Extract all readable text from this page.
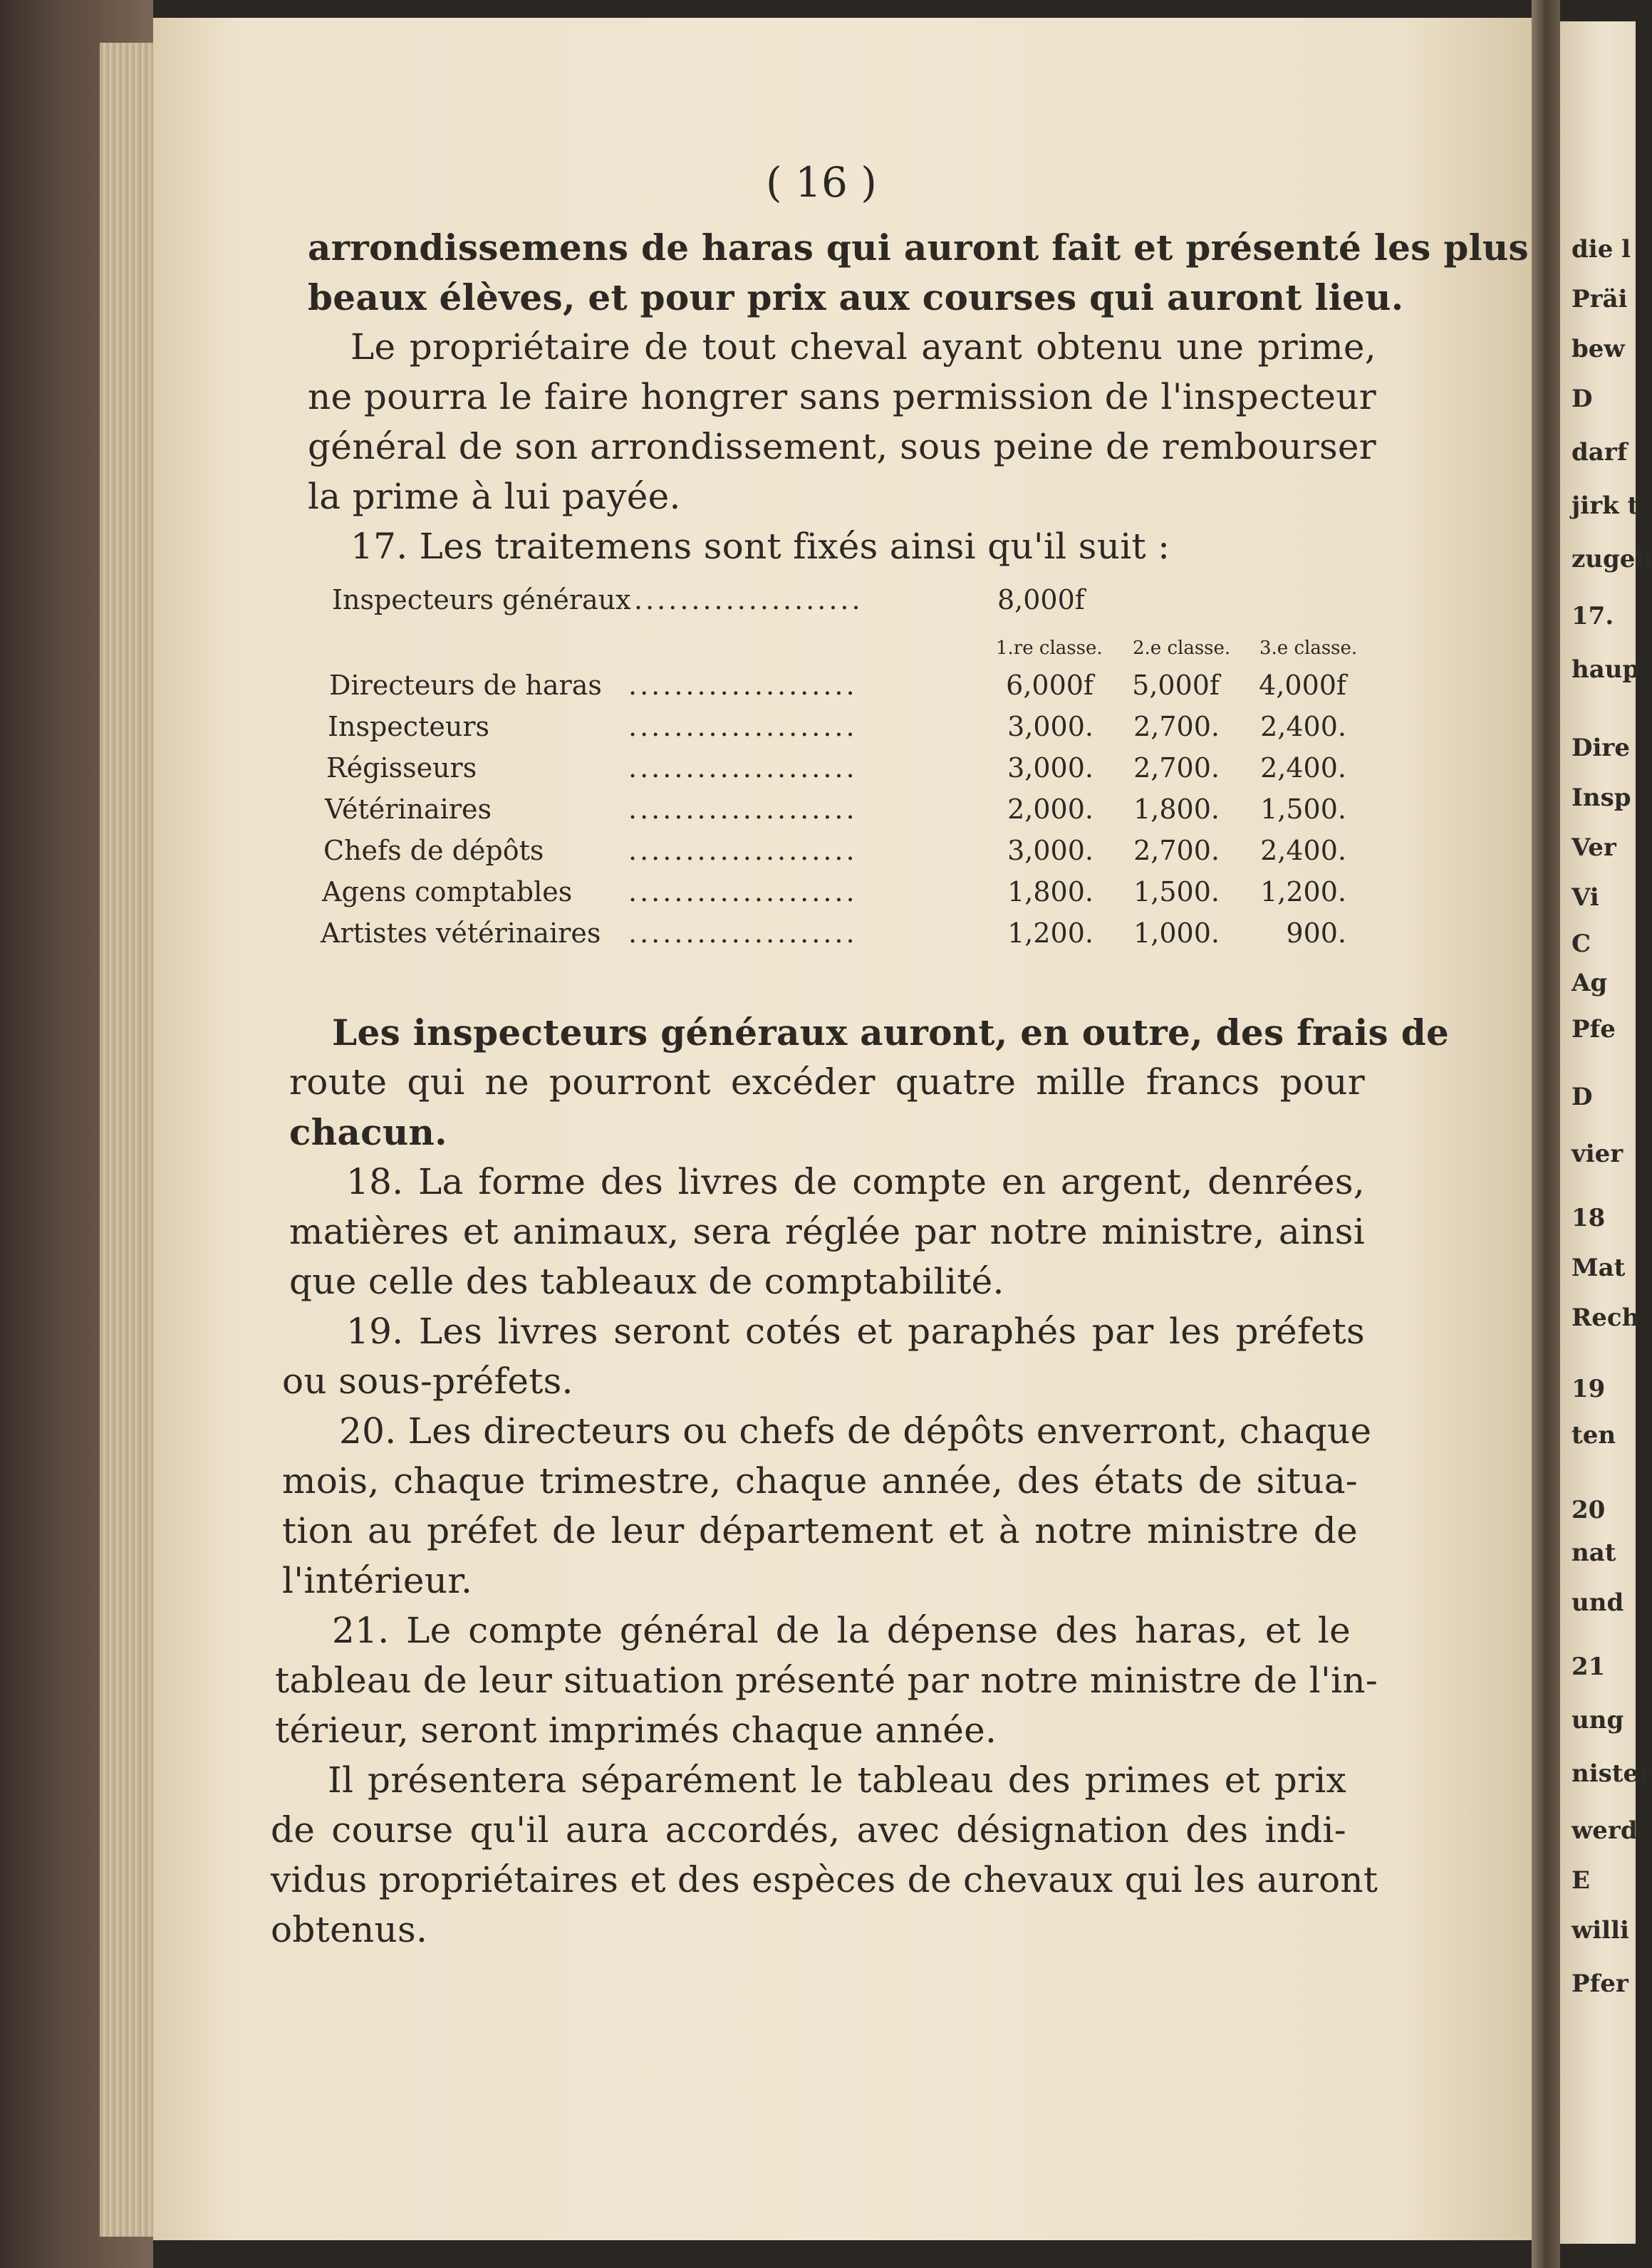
die l
Präi
bew
D
darf
jirk t
zugeb
17.
haup
Dire
Insp
Ver
Vi
C
Ag
Pfe
D
vier
18
Mat
Rech
19
ten
20
nat
und
21
ung
nister
werd
E
willi
Pfer
( 16 )
arrondissemens de haras qui auront fait et présenté les plus
beaux élèves, et pour prix aux courses qui auront lieu.
Le propriétaire de tout cheval ayant obtenu une prime,
ne pourra le faire hongrer sans permission de l'inspecteur
général de son arrondissement, sous peine de rembourser
la prime à lui payée.
17. Les traitemens sont fixés ainsi qu'il suit :
Inspecteurs généraux ....................	8,000f
1.re classe. 2.e classe. 3.e classe.
Directeurs de haras ....................	6,000f 5,000f 4,000f
Inspecteurs	....................	3,000. 2,700. 2,400.
Régisseurs	....................	3,000. 2,700. 2,400.
Vétérinaires	....................	2,000. 1,800. 1,500.
Chefs de dépôts	....................	3,000. 2,700. 2,400.
Agens comptables ....................	1,800. 1,500. 1,200.
Artistes vétérinaires ....................	1,200. 1,000. 900.
Les inspecteurs généraux auront, en outre, des frais de
route qui ne pourront excéder quatre mille francs pour
chacun.
18. La forme des livres de compte en argent, denrées,
matières et animaux, sera réglée par notre ministre, ainsi
que celle des tableaux de comptabilité.
19. Les livres seront cotés et paraphés par les préfets
ou sous-préfets.
20. Les directeurs ou chefs de dépôts enverront, chaque
mois, chaque trimestre, chaque année, des états de situa-
tion au préfet de leur département et à notre ministre de
l'intérieur.
21. Le compte général de la dépense des haras, et le
tableau de leur situation présenté par notre ministre de l'in-
térieur, seront imprimés chaque année.
Il présentera séparément le tableau des primes et prix
de course qu'il aura accordés, avec désignation des indi-
vidus propriétaires et des espèces de chevaux qui les auront
obtenus.
